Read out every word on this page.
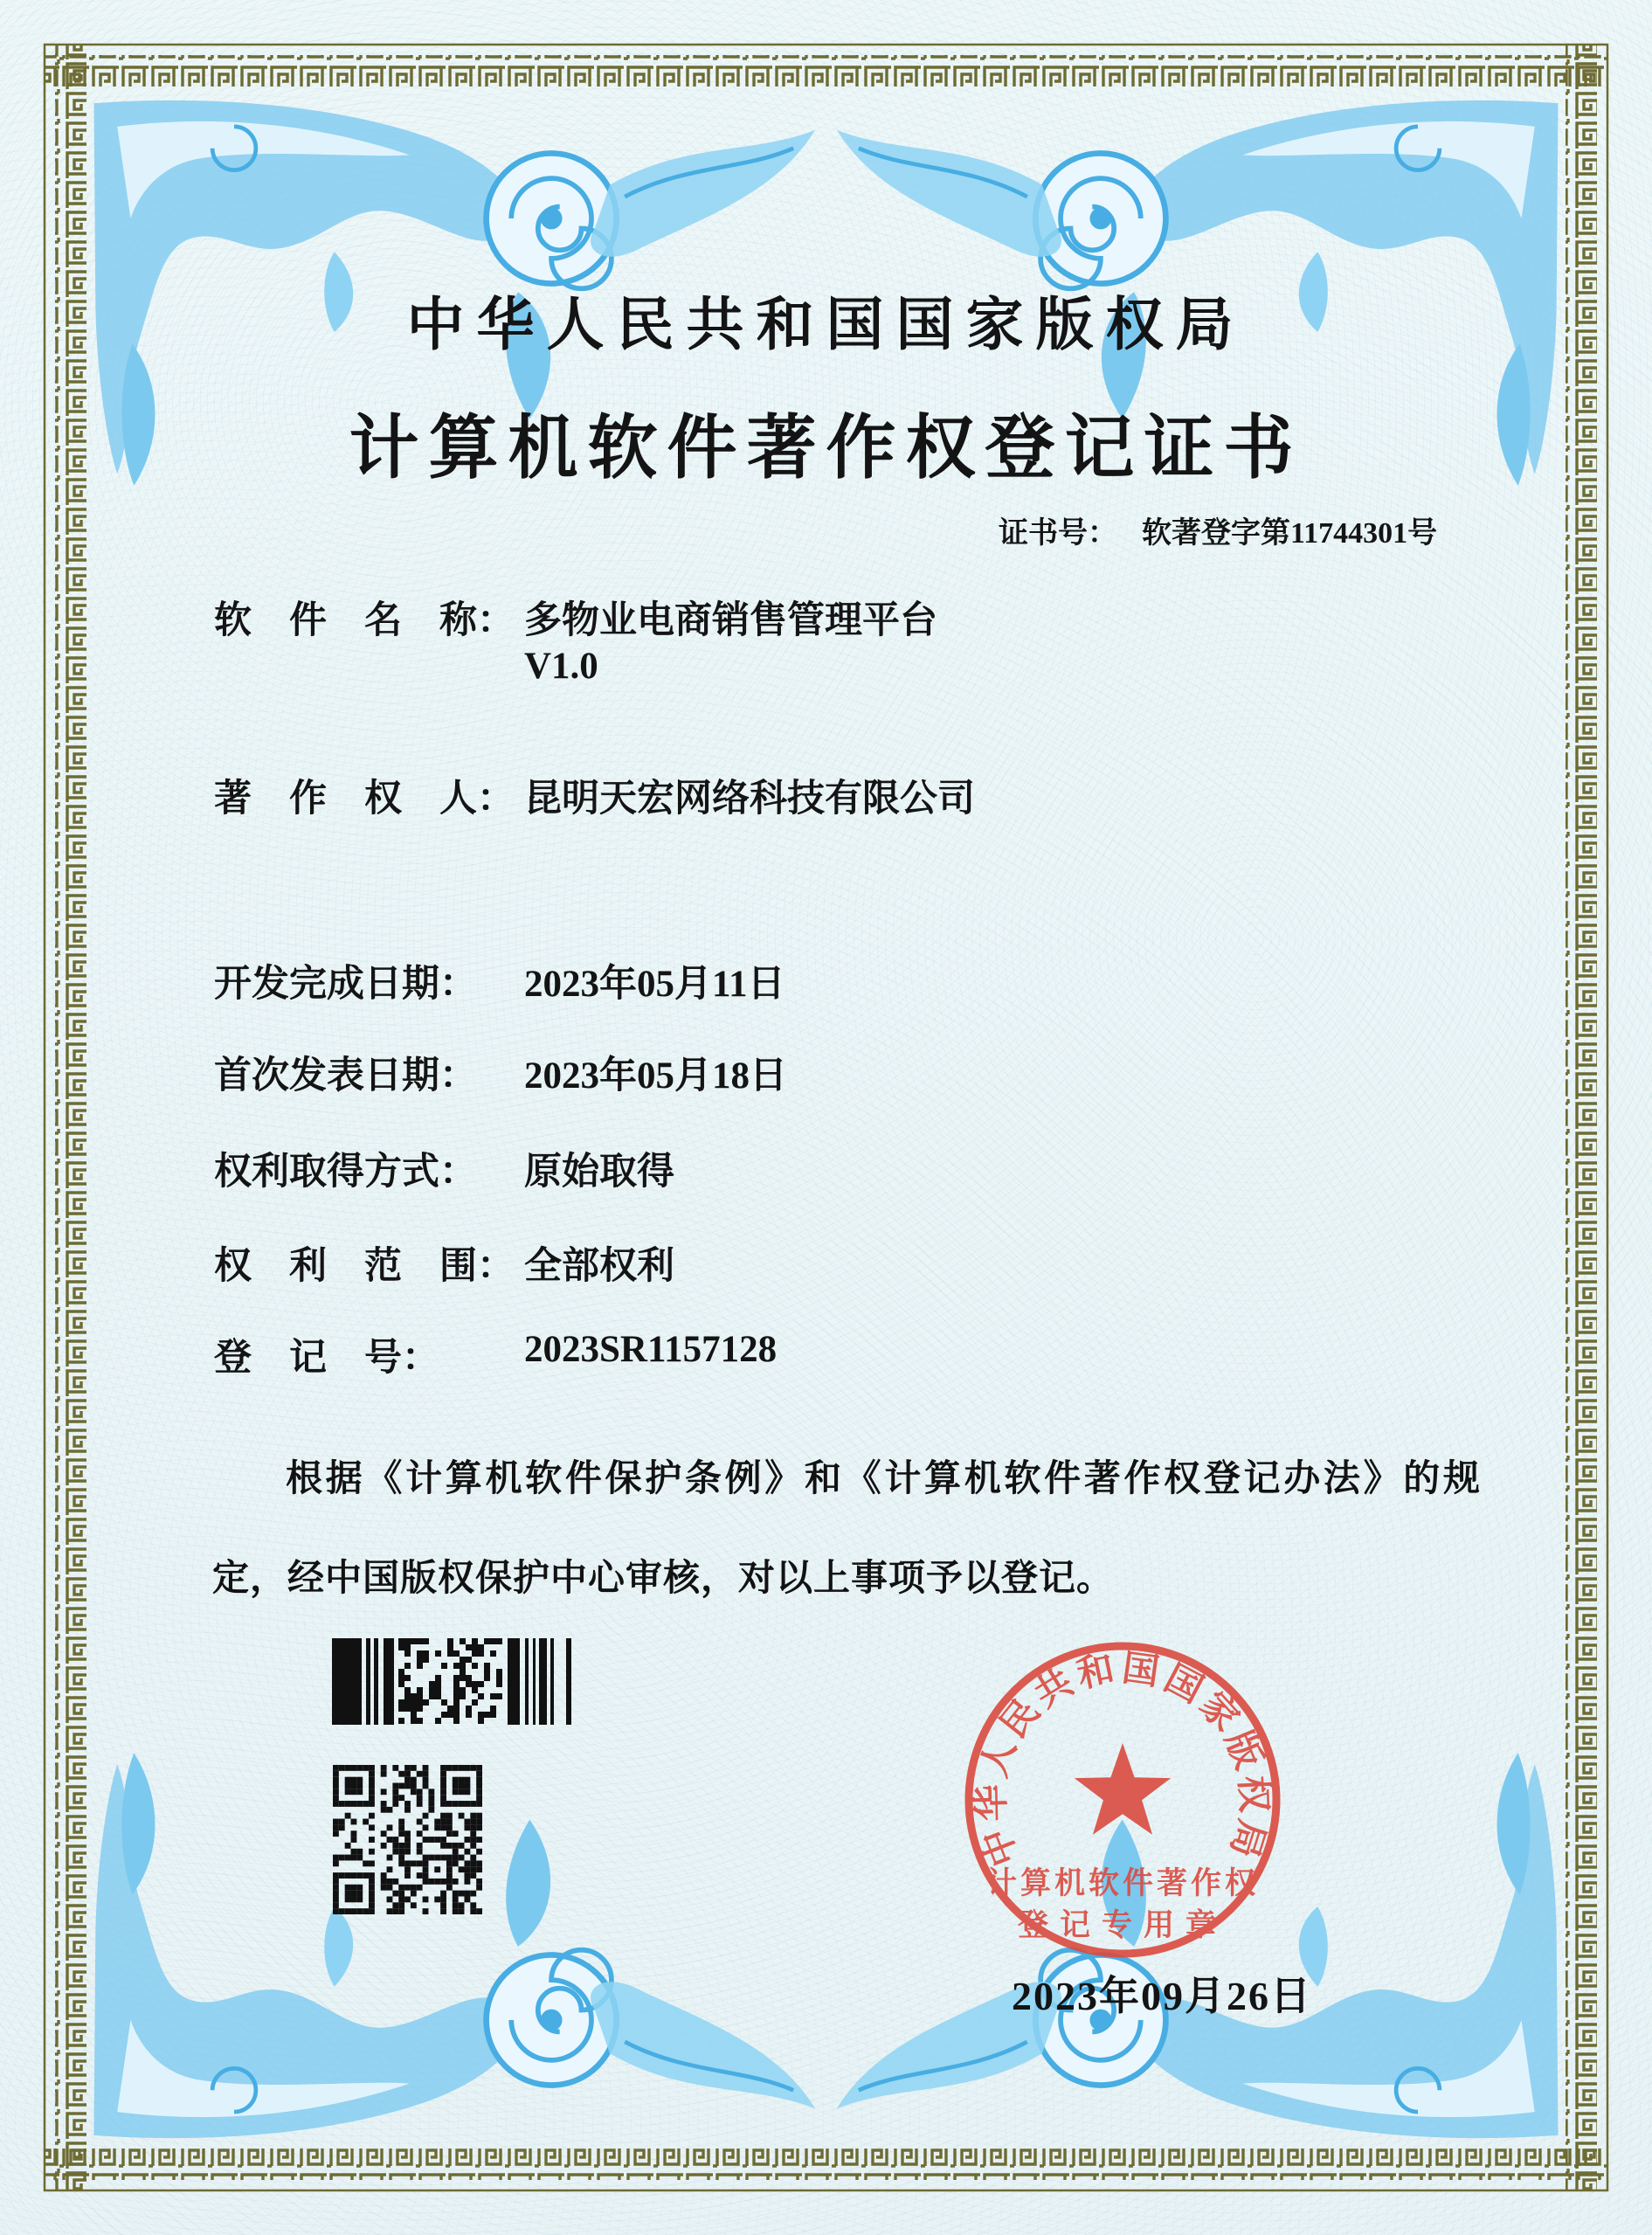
中华人民共和国国家版权局
计算机软件著作权登记证书
证书号： 软著登字第11744301号
软　件　名　称： 多物业电商销售管理平台
V1.0
著　作　权　人： 昆明天宏网络科技有限公司
开发完成日期： 2023年05月11日
首次发表日期： 2023年05月18日
权利取得方式： 原始取得
权　利　范　围： 全部权利
登　记　号： 2023SR1157128
根据《计算机软件保护条例》和《计算机软件著作权登记办法》的规定，经中国版权保护中心审核，对以上事项予以登记。
中华人民共和国国家版权局
计算机软件著作权
登记专用章
2023年09月26日
